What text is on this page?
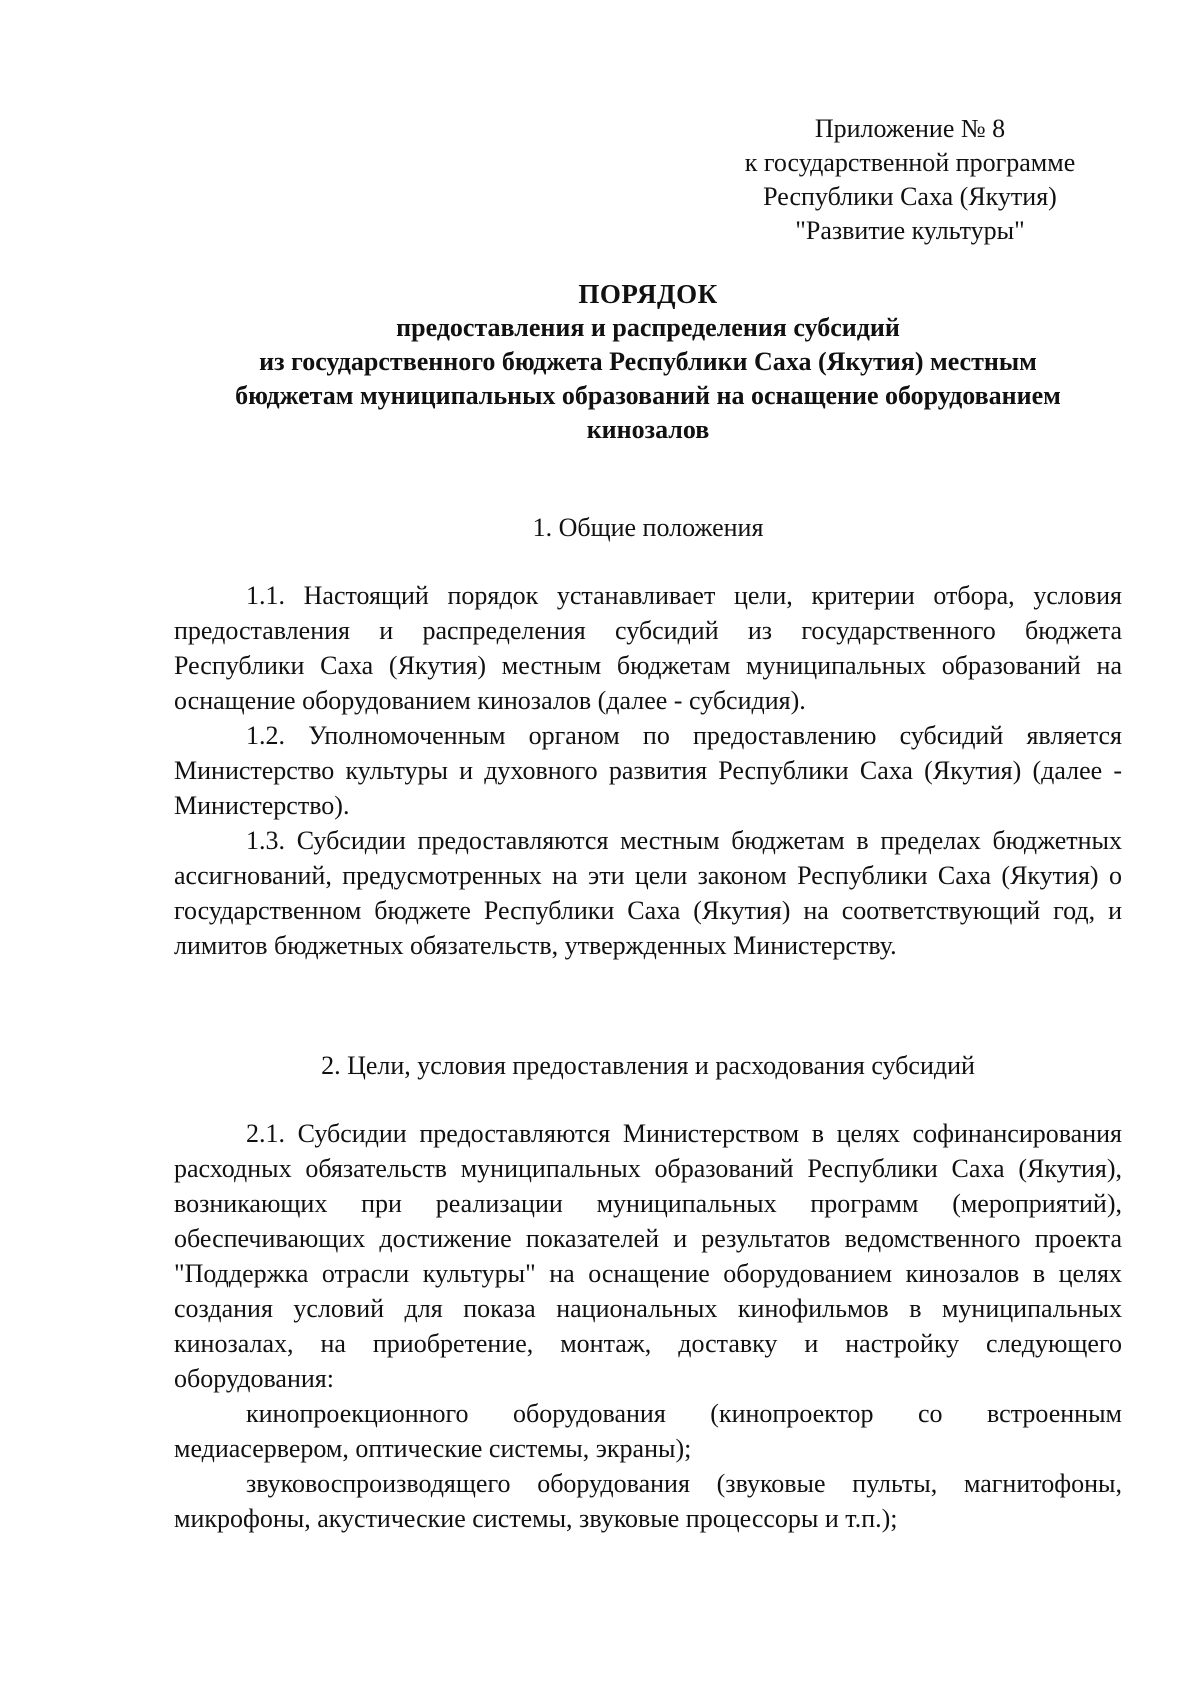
Приложение № 8
к государственной программе
Республики Саха (Якутия)
"Развитие культуры"
ПОРЯДОК
предоставления и распределения субсидий
из государственного бюджета Республики Саха (Якутия) местным
бюджетам муниципальных образований на оснащение оборудованием
кинозалов
1. Общие положения

1.1. Настоящий порядок устанавливает цели, критерии отбора, условия предоставления и распределения субсидий из государственного бюджета Республики Саха (Якутия) местным бюджетам муниципальных образований на оснащение оборудованием кинозалов (далее - субсидия).

1.2. Уполномоченным органом по предоставлению субсидий является Министерство культуры и духовного развития Республики Саха (Якутия) (далее - Министерство).

1.3. Субсидии предоставляются местным бюджетам в пределах бюджетных ассигнований, предусмотренных на эти цели законом Республики Саха (Якутия) о государственном бюджете Республики Саха (Якутия) на соответствующий год, и лимитов бюджетных обязательств, утвержденных Министерству.

2. Цели, условия предоставления и расходования субсидий

2.1. Субсидии предоставляются Министерством в целях софинансирования расходных обязательств муниципальных образований Республики Саха (Якутия), возникающих при реализации муниципальных программ (мероприятий), обеспечивающих достижение показателей и результатов ведомственного проекта "Поддержка отрасли культуры" на оснащение оборудованием кинозалов в целях создания условий для показа национальных кинофильмов в муниципальных кинозалах, на приобретение, монтаж, доставку и настройку следующего оборудования:

кинопроекционного оборудования (кинопроектор со встроенным медиасервером, оптические системы, экраны);

звуковоспроизводящего оборудования (звуковые пульты, магнитофоны, микрофоны, акустические системы, звуковые процессоры и т.п.);
